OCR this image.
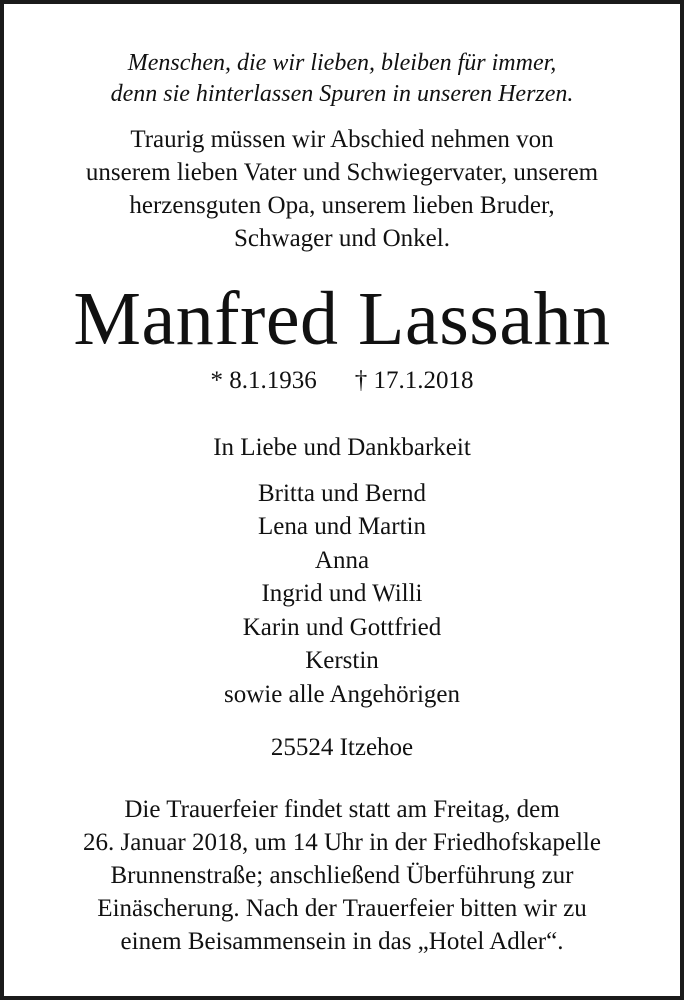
Menschen, die wir lieben, bleiben für immer,
denn sie hinterlassen Spuren in unseren Herzen.
Traurig müssen wir Abschied nehmen von
unserem lieben Vater und Schwiegervater, unserem
herzensguten Opa, unserem lieben Bruder,
Schwager und Onkel.
Manfred Lassahn
* 8.1.1936 † 17.1.2018
In Liebe und Dankbarkeit
Britta und Bernd
Lena und Martin
Anna
Ingrid und Willi
Karin und Gottfried
Kerstin
sowie alle Angehörigen
25524 Itzehoe
Die Trauerfeier findet statt am Freitag, dem
26. Januar 2018, um 14 Uhr in der Friedhofskapelle
Brunnenstraße; anschließend Überführung zur
Einäscherung. Nach der Trauerfeier bitten wir zu
einem Beisammensein in das „Hotel Adler“.
